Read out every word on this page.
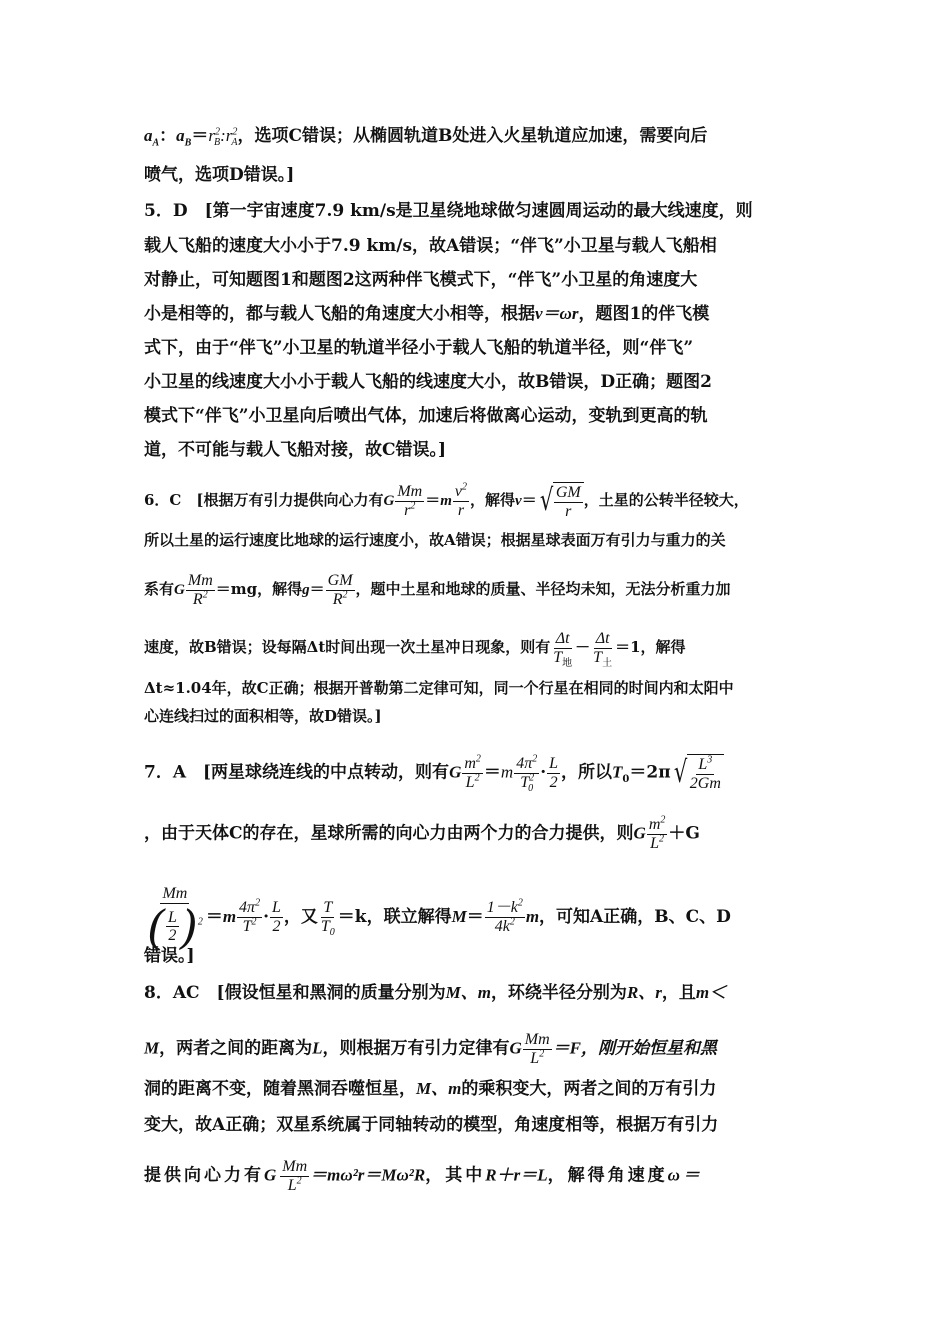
$a_A$：$a_B=r^2_B:r^2_A$，选项C错误；从椭圆轨道B处进入火星轨道应加速，需要向后
喷气，选项D错误。]
5．D　[第一宇宙速度7.9 km/s是卫星绕地球做匀速圆周运动的最大线速度，则
载人飞船的速度大小小于7.9 km/s，故A错误；“伴飞”小卫星与载人飞船相
对静止，可知题图1和题图2这两种伴飞模式下，“伴飞”小卫星的角速度大
小是相等的，都与载人飞船的角速度大小相等，根据v＝ωr，题图1的伴飞模
式下，由于“伴飞”小卫星的轨道半径小于载人飞船的轨道半径，则“伴飞”
小卫星的线速度大小小于载人飞船的线速度大小，故B错误，D正确；题图2
模式下“伴飞”小卫星向后喷出气体，加速后将做离心运动，变轨到更高的轨
道，不可能与载人飞船对接，故C错误。]
6．C　[根据万有引力提供向心力有G $\frac{Mm}{r^2} =m \frac{v^2}{r}$ ，解得v＝ √ $\frac{GM}{r}$ ，土星的公转半径较大，
所以土星的运行速度比地球的运行速度小，故A错误；根据星球表面万有引力与重力的关
系有G $\frac{Mm}{R^2} =mg$，解得$g= \frac{GM}{R^2}$ ，题中土星和地球的质量、半径均未知，无法分析重力加
速度，故B错误；设每隔Δt时间出现一次土星冲日现象，则有 $\frac{\Delta t}{T_地} - \frac{\Delta t}{T_土} =1$，解得
Δt≈1.04年，故C正确；根据开普勒第二定律可知，同一个行星在相同的时间内和太阳中
心连线扫过的面积相等，故D错误。]
7．A　[两星球绕连线的中点转动，则有G $\frac{m^2}{L^2} =m \frac{4\pi^2}{T^2_0} \cdot \frac{L}{2}$ ，所以$T_0=2\pi$ √ $\frac{L^3}{2Gm}$
，由于天体C的存在，星球所需的向心力由两个力的合力提供，则G $\frac{m^2}{L^2} +G$
$\frac{Mm}{( \frac{L}{2} )^2} =m \frac{4\pi^2}{T^2} \cdot \frac{L}{2}$ ，又 $\frac{T}{T_0} =k$，联立解得$M= \frac{1-k^2}{4k^2}$ m，可知A正确，B、C、D
错误。]
8．AC　[假设恒星和黑洞的质量分别为M、m，环绕半径分别为R、r，且m＜
M，两者之间的距离为L，则根据万有引力定律有G $\frac{Mm}{L^2} =F$，刚开始恒星和黑
洞的距离不变，随着黑洞吞噬恒星，M、m的乘积变大，两者之间的万有引力
变大，故A正确；双星系统属于同轴转动的模型，角速度相等，根据万有引力
提供向心力有G $\frac{Mm}{L^2} =m\omega^2r=M\omega^2R$，其中R＋r＝L，解得角速度ω＝
